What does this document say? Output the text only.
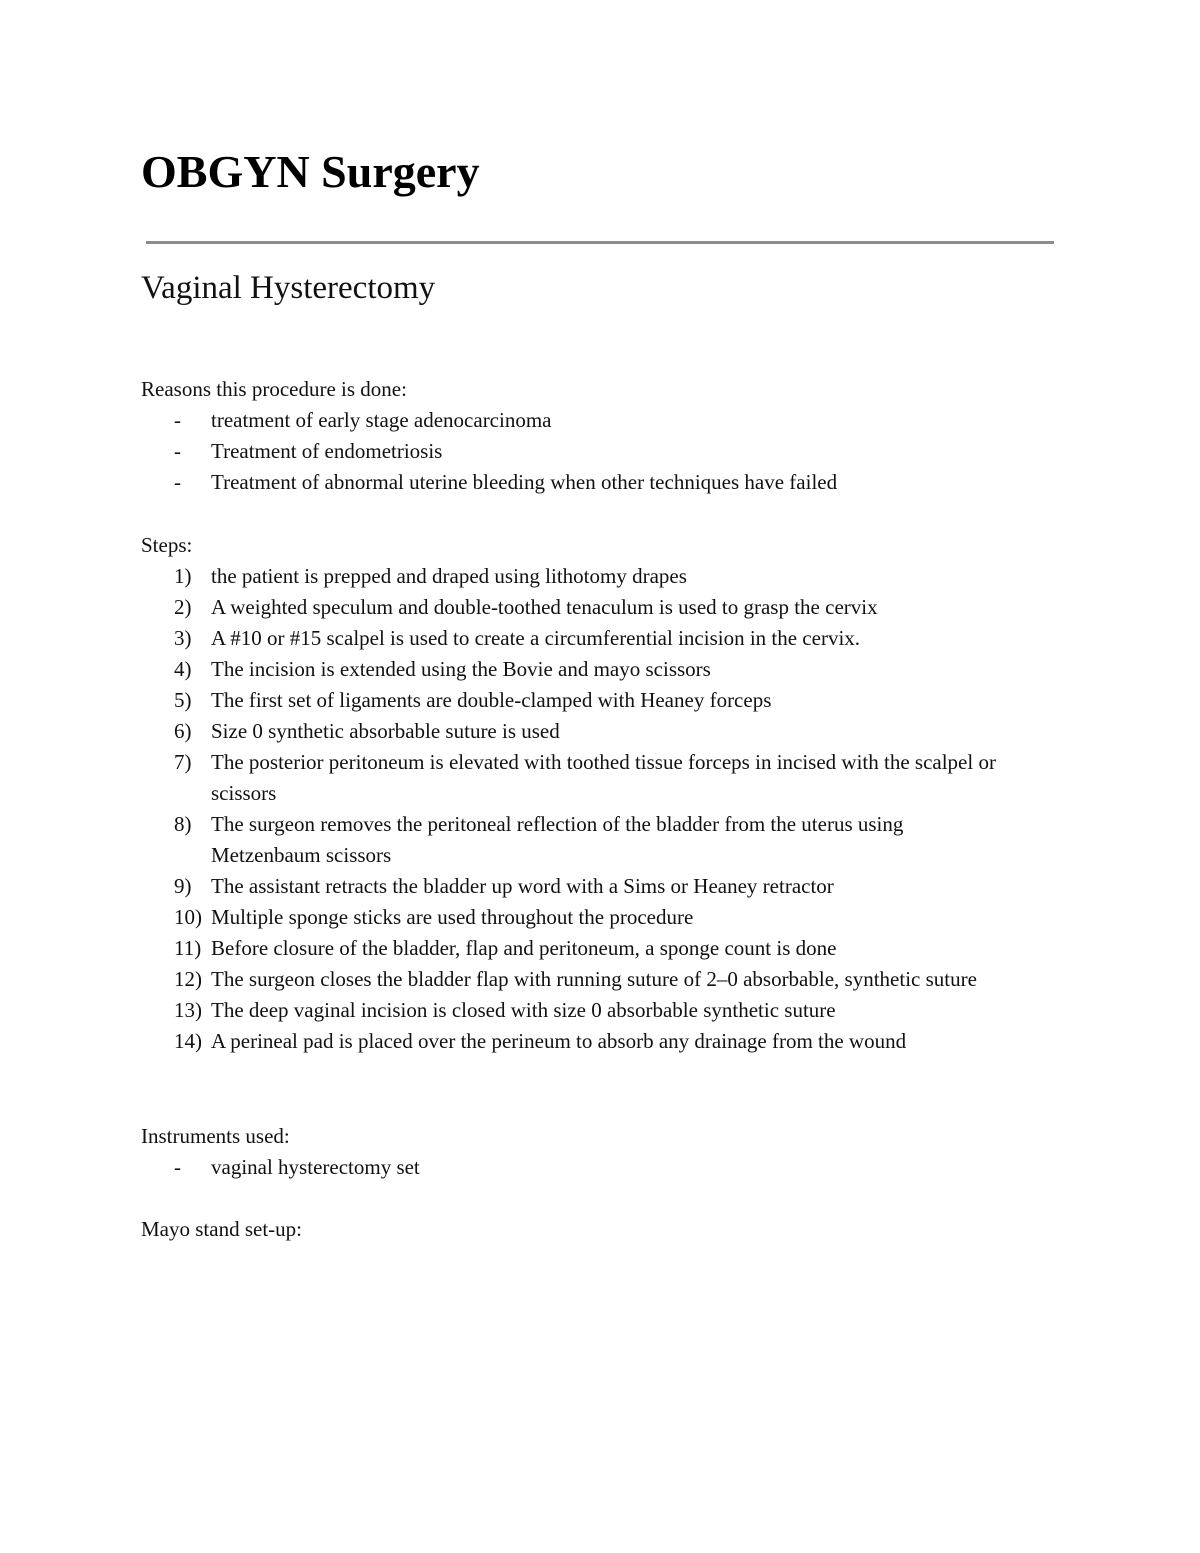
OBGYN Surgery
Vaginal Hysterectomy

Reasons this procedure is done:

- treatment of early stage adenocarcinoma
- Treatment of endometriosis
- Treatment of abnormal uterine bleeding when other techniques have failed

Steps:

1) the patient is prepped and draped using lithotomy drapes
2) A weighted speculum and double-toothed tenaculum is used to grasp the cervix
3) A #10 or #15 scalpel is used to create a circumferential incision in the cervix.
4) The incision is extended using the Bovie and mayo scissors
5) The first set of ligaments are double-clamped with Heaney forceps
6) Size 0 synthetic absorbable suture is used
7) The posterior peritoneum is elevated with toothed tissue forceps in incised with the scalpel or scissors
8) The surgeon removes the peritoneal reflection of the bladder from the uterus using Metzenbaum scissors
9) The assistant retracts the bladder up word with a Sims or Heaney retractor
10) Multiple sponge sticks are used throughout the procedure
11) Before closure of the bladder, flap and peritoneum, a sponge count is done
12) The surgeon closes the bladder flap with running suture of 2–0 absorbable, synthetic suture
13) The deep vaginal incision is closed with size 0 absorbable synthetic suture
14) A perineal pad is placed over the perineum to absorb any drainage from the wound

Instruments used:

- vaginal hysterectomy set

Mayo stand set-up:
